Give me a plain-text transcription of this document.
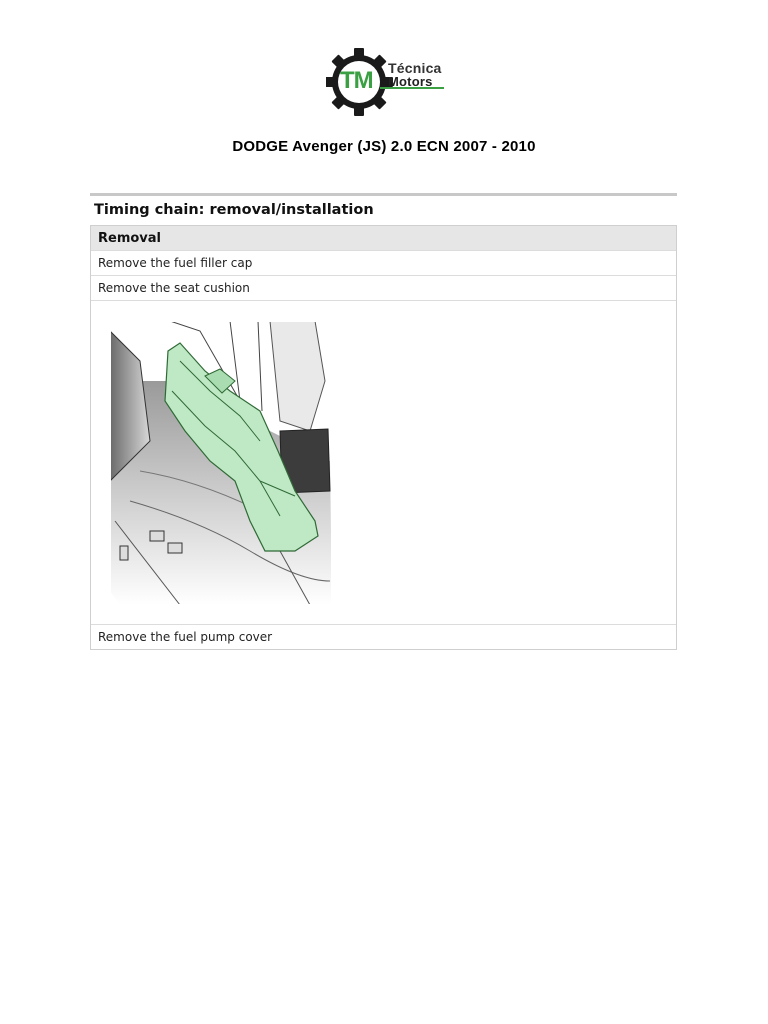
TM Técnica
Motors
DODGE Avenger (JS) 2.0 ECN 2007 - 2010
Timing chain: removal/installation
Removal
Remove the fuel filler cap
Remove the seat cushion
Remove the fuel pump cover
